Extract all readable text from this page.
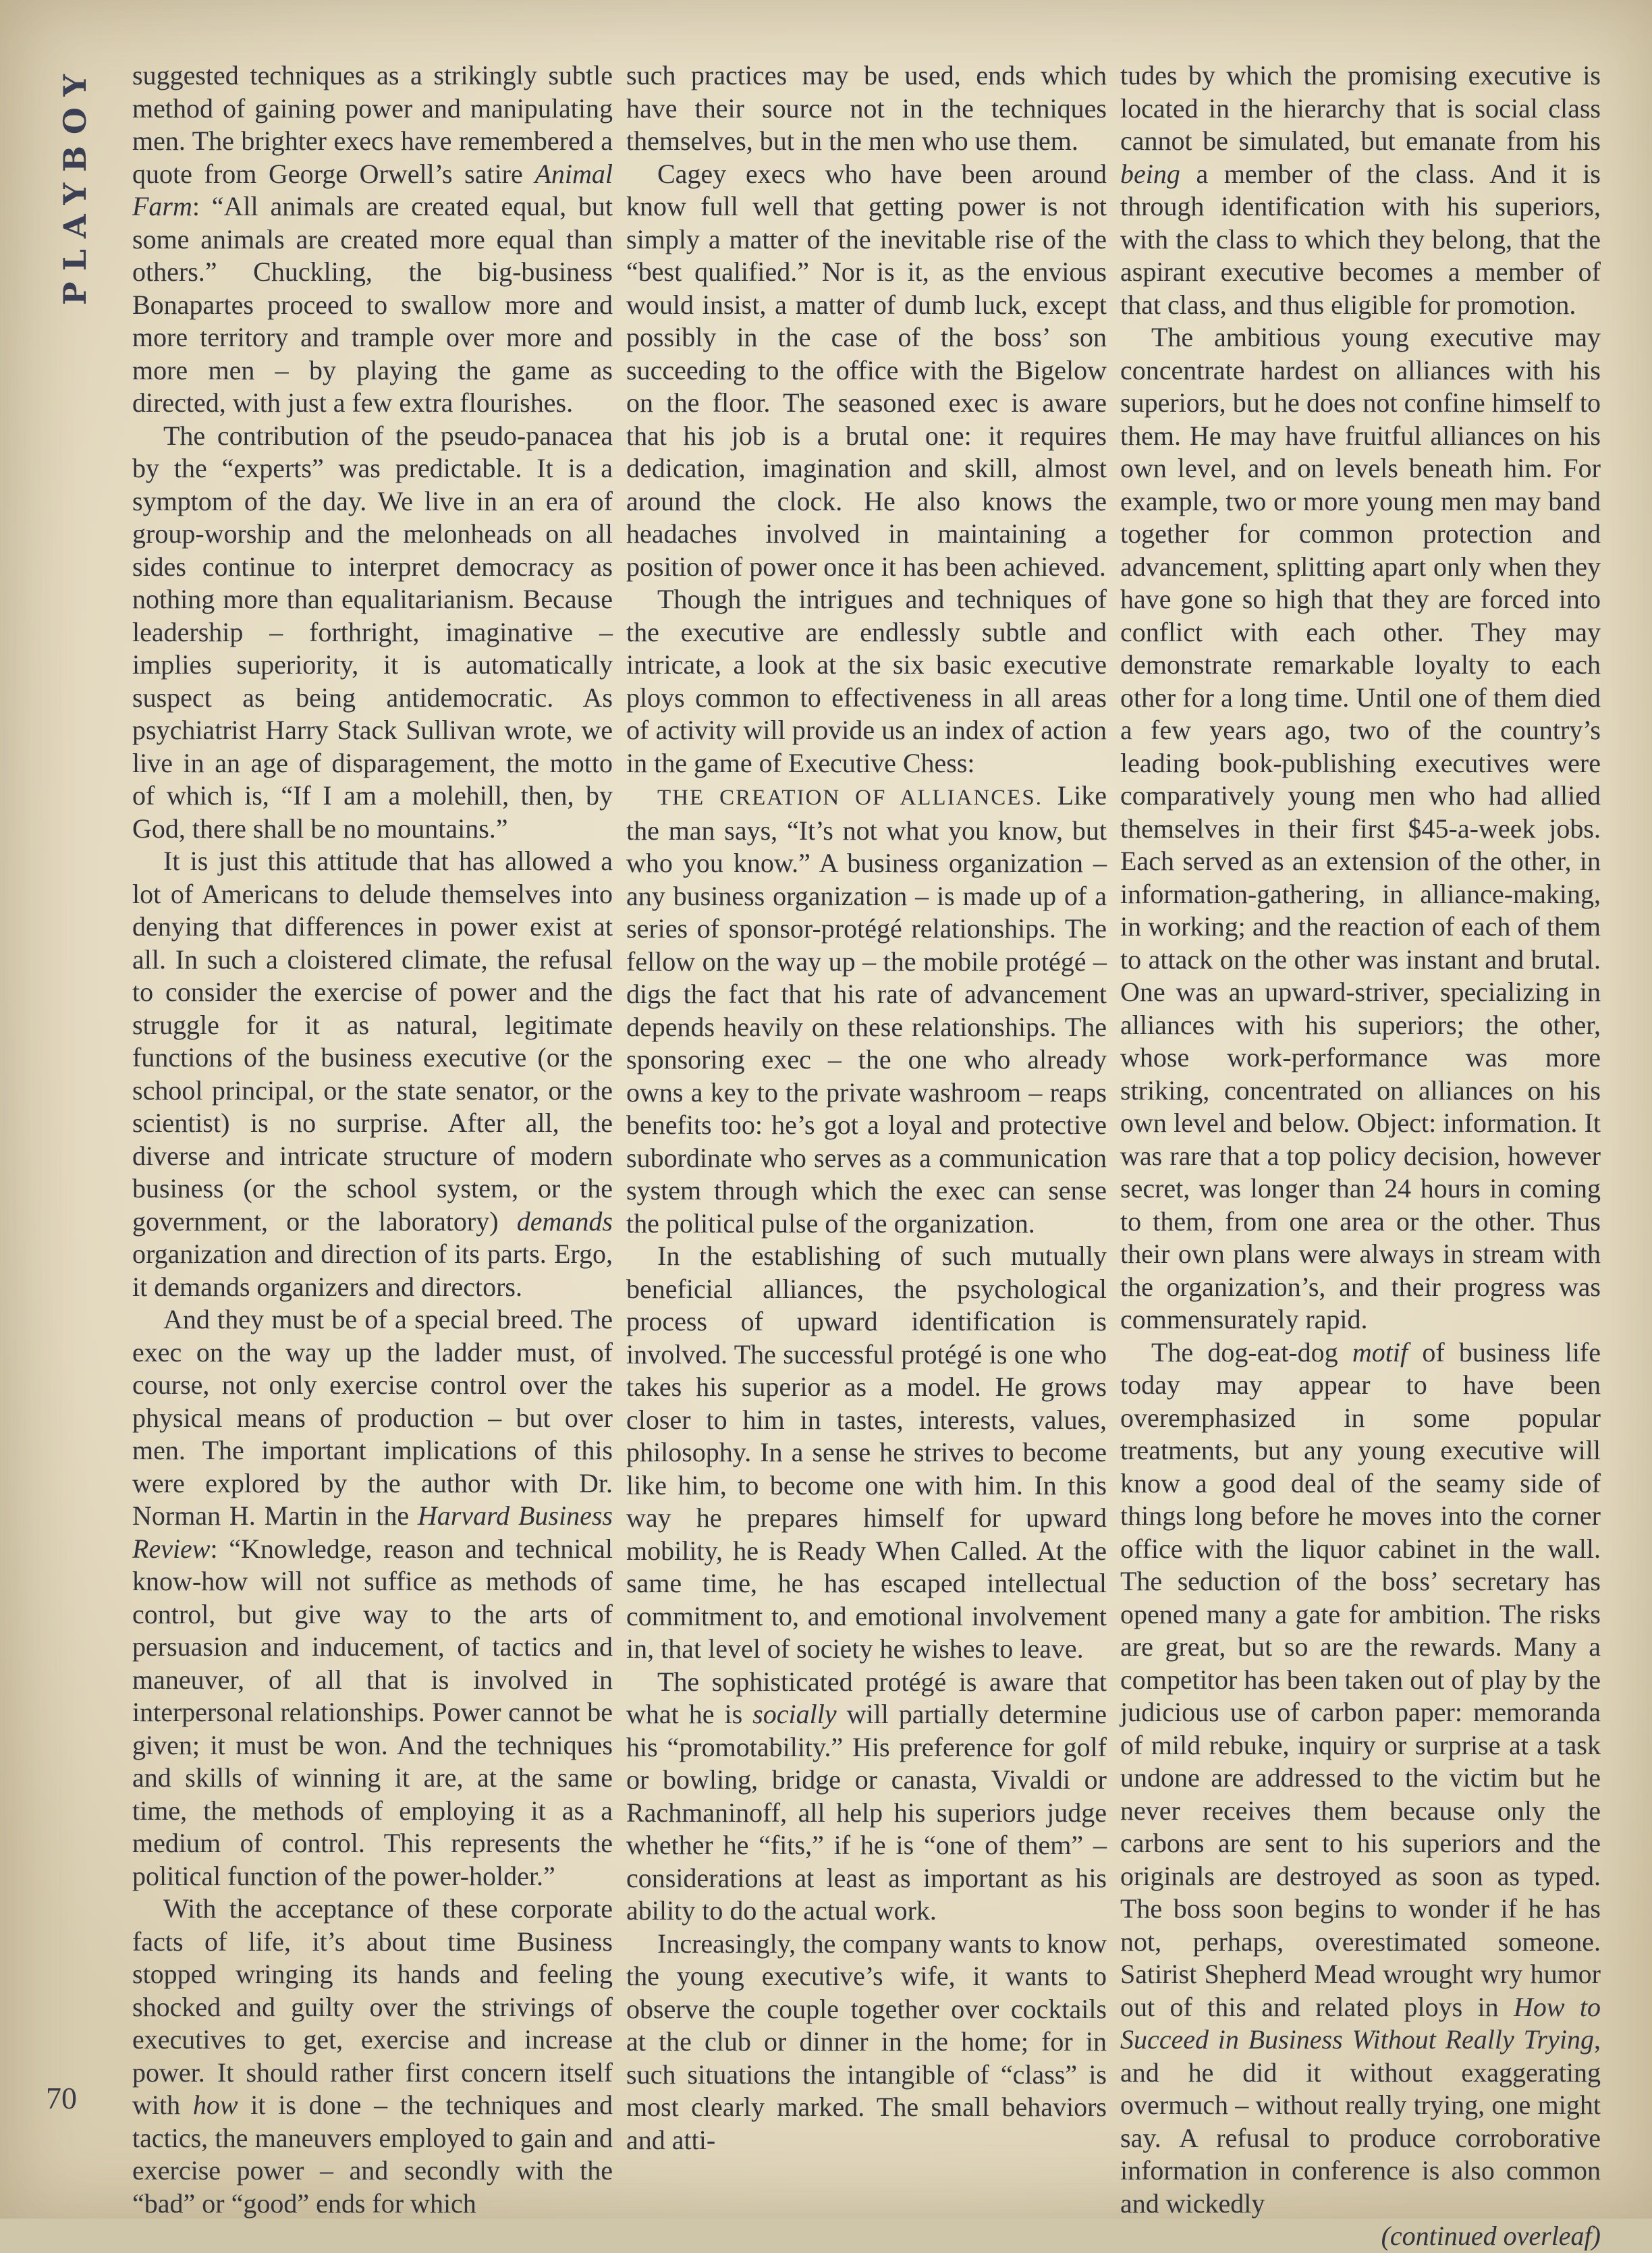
PLAYBOY
70

suggested techniques as a strikingly subtle method of gaining power and manipulating men. The brighter execs have remembered a quote from George Orwell’s satire Animal Farm: “All animals are created equal, but some animals are created more equal than others.” Chuckling, the big-business Bonapartes proceed to swallow more and more territory and trample over more and more men – by playing the game as directed, with just a few extra flourishes.

The contribution of the pseudo-panacea by the “experts” was predictable. It is a symptom of the day. We live in an era of group-worship and the melonheads on all sides continue to interpret democracy as nothing more than equalitarianism. Because leadership – forthright, imaginative – implies superiority, it is automatically suspect as being antidemocratic. As psychiatrist Harry Stack Sullivan wrote, we live in an age of disparagement, the motto of which is, “If I am a molehill, then, by God, there shall be no mountains.”

It is just this attitude that has allowed a lot of Americans to delude themselves into denying that differences in power exist at all. In such a cloistered climate, the refusal to consider the exercise of power and the struggle for it as natural, legitimate functions of the business executive (or the school principal, or the state senator, or the scientist) is no surprise. After all, the diverse and intricate structure of modern business (or the school system, or the government, or the laboratory) demands organization and direction of its parts. Ergo, it demands organizers and directors.

And they must be of a special breed. The exec on the way up the ladder must, of course, not only exercise control over the physical means of production – but over men. The important implications of this were explored by the author with Dr. Norman H. Martin in the Harvard Business Review: “Knowledge, reason and technical know-how will not suffice as methods of control, but give way to the arts of persuasion and inducement, of tactics and maneuver, of all that is involved in interpersonal relationships. Power cannot be given; it must be won. And the techniques and skills of winning it are, at the same time, the methods of employing it as a medium of control. This represents the political function of the power-holder.”

With the acceptance of these corporate facts of life, it’s about time Business stopped wringing its hands and feeling shocked and guilty over the strivings of executives to get, exercise and increase power. It should rather first concern itself with how it is done – the techniques and tactics, the maneuvers employed to gain and exercise power – and secondly with the “bad” or “good” ends for which

such practices may be used, ends which have their source not in the techniques themselves, but in the men who use them.

Cagey execs who have been around know full well that getting power is not simply a matter of the inevitable rise of the “best qualified.” Nor is it, as the envious would insist, a matter of dumb luck, except possibly in the case of the boss’ son succeeding to the office with the Bigelow on the floor. The seasoned exec is aware that his job is a brutal one: it requires dedication, imagination and skill, almost around the clock. He also knows the headaches involved in maintaining a position of power once it has been achieved.

Though the intrigues and techniques of the executive are endlessly subtle and intricate, a look at the six basic executive ploys common to effectiveness in all areas of activity will provide us an index of action in the game of Executive Chess:

THE CREATION OF ALLIANCES. Like the man says, “It’s not what you know, but who you know.” A business organization – any business organization – is made up of a series of sponsor-protégé relationships. The fellow on the way up – the mobile protégé – digs the fact that his rate of advancement depends heavily on these relationships. The sponsoring exec – the one who already owns a key to the private washroom – reaps benefits too: he’s got a loyal and protective subordinate who serves as a communication system through which the exec can sense the political pulse of the organization.

In the establishing of such mutually beneficial alliances, the psychological process of upward identification is involved. The successful protégé is one who takes his superior as a model. He grows closer to him in tastes, interests, values, philosophy. In a sense he strives to become like him, to become one with him. In this way he prepares himself for upward mobility, he is Ready When Called. At the same time, he has escaped intellectual commitment to, and emotional involvement in, that level of society he wishes to leave.

The sophisticated protégé is aware that what he is socially will partially determine his “promotability.” His preference for golf or bowling, bridge or canasta, Vivaldi or Rachmaninoff, all help his superiors judge whether he “fits,” if he is “one of them” – considerations at least as important as his ability to do the actual work.

Increasingly, the company wants to know the young executive’s wife, it wants to observe the couple together over cocktails at the club or dinner in the home; for in such situations the intangible of “class” is most clearly marked. The small behaviors and atti-

tudes by which the promising executive is located in the hierarchy that is social class cannot be simulated, but emanate from his being a member of the class. And it is through identification with his superiors, with the class to which they belong, that the aspirant executive becomes a member of that class, and thus eligible for promotion.

The ambitious young executive may concentrate hardest on alliances with his superiors, but he does not confine himself to them. He may have fruitful alliances on his own level, and on levels beneath him. For example, two or more young men may band together for common protection and advancement, splitting apart only when they have gone so high that they are forced into conflict with each other. They may demonstrate remarkable loyalty to each other for a long time. Until one of them died a few years ago, two of the country’s leading book-publishing executives were comparatively young men who had allied themselves in their first $45-a-week jobs. Each served as an extension of the other, in information-gathering, in alliance-making, in working; and the reaction of each of them to attack on the other was instant and brutal. One was an upward-striver, specializing in alliances with his superiors; the other, whose work-performance was more striking, concentrated on alliances on his own level and below. Object: information. It was rare that a top policy decision, however secret, was longer than 24 hours in coming to them, from one area or the other. Thus their own plans were always in stream with the organization’s, and their progress was commensurately rapid.

The dog-eat-dog motif of business life today may appear to have been overemphasized in some popular treatments, but any young executive will know a good deal of the seamy side of things long before he moves into the corner office with the liquor cabinet in the wall. The seduction of the boss’ secretary has opened many a gate for ambition. The risks are great, but so are the rewards. Many a competitor has been taken out of play by the judicious use of carbon paper: memoranda of mild rebuke, inquiry or surprise at a task undone are addressed to the victim but he never receives them because only the carbons are sent to his superiors and the originals are destroyed as soon as typed. The boss soon begins to wonder if he has not, perhaps, overestimated someone. Satirist Shepherd Mead wrought wry humor out of this and related ploys in How to Succeed in Business Without Really Trying, and he did it without exaggerating overmuch – without really trying, one might say. A refusal to produce corroborative information in conference is also common and wickedly

(continued overleaf)
